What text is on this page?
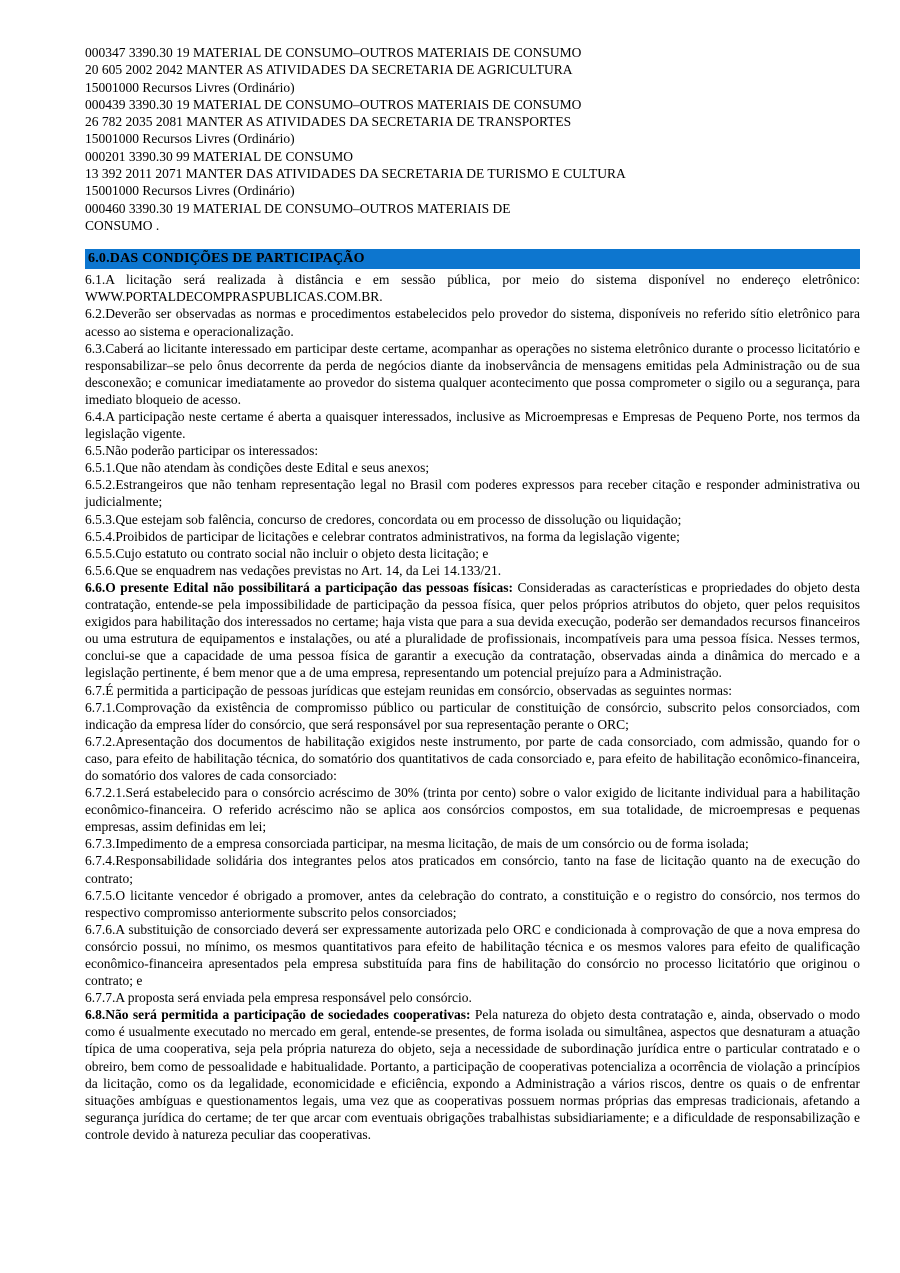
000347 3390.30 19 MATERIAL DE CONSUMO–OUTROS MATERIAIS DE CONSUMO
20 605 2002 2042 MANTER AS ATIVIDADES DA SECRETARIA DE AGRICULTURA
15001000 Recursos Livres (Ordinário)
000439 3390.30 19 MATERIAL DE CONSUMO–OUTROS MATERIAIS DE CONSUMO
26 782 2035 2081 MANTER AS ATIVIDADES DA SECRETARIA DE TRANSPORTES
15001000 Recursos Livres (Ordinário)
000201 3390.30 99 MATERIAL DE CONSUMO
13 392 2011 2071 MANTER DAS ATIVIDADES DA SECRETARIA DE TURISMO E CULTURA
15001000 Recursos Livres (Ordinário)
000460 3390.30 19 MATERIAL DE CONSUMO–OUTROS MATERIAIS DE
CONSUMO .
6.0.DAS CONDIÇÕES DE PARTICIPAÇÃO

6.1.A licitação será realizada à distância e em sessão pública, por meio do sistema disponível no endereço eletrônico: WWW.PORTALDECOMPRASPUBLICAS.COM.BR.

6.2.Deverão ser observadas as normas e procedimentos estabelecidos pelo provedor do sistema, disponíveis no referido sítio eletrônico para acesso ao sistema e operacionalização.

6.3.Caberá ao licitante interessado em participar deste certame, acompanhar as operações no sistema eletrônico durante o processo licitatório e responsabilizar–se pelo ônus decorrente da perda de negócios diante da inobservância de mensagens emitidas pela Administração ou de sua desconexão; e comunicar imediatamente ao provedor do sistema qualquer acontecimento que possa comprometer o sigilo ou a segurança, para imediato bloqueio de acesso.

6.4.A participação neste certame é aberta a quaisquer interessados, inclusive as Microempresas e Empresas de Pequeno Porte, nos termos da legislação vigente.

6.5.Não poderão participar os interessados:

6.5.1.Que não atendam às condições deste Edital e seus anexos;

6.5.2.Estrangeiros que não tenham representação legal no Brasil com poderes expressos para receber citação e responder administrativa ou judicialmente;

6.5.3.Que estejam sob falência, concurso de credores, concordata ou em processo de dissolução ou liquidação;

6.5.4.Proibidos de participar de licitações e celebrar contratos administrativos, na forma da legislação vigente;

6.5.5.Cujo estatuto ou contrato social não incluir o objeto desta licitação; e

6.5.6.Que se enquadrem nas vedações previstas no Art. 14, da Lei 14.133/21.

6.6.O presente Edital não possibilitará a participação das pessoas físicas: Consideradas as características e propriedades do objeto desta contratação, entende-se pela impossibilidade de participação da pessoa física, quer pelos próprios atributos do objeto, quer pelos requisitos exigidos para habilitação dos interessados no certame; haja vista que para a sua devida execução, poderão ser demandados recursos financeiros ou uma estrutura de equipamentos e instalações, ou até a pluralidade de profissionais, incompatíveis para uma pessoa física. Nesses termos, conclui-se que a capacidade de uma pessoa física de garantir a execução da contratação, observadas ainda a dinâmica do mercado e a legislação pertinente, é bem menor que a de uma empresa, representando um potencial prejuízo para a Administração.

6.7.É permitida a participação de pessoas jurídicas que estejam reunidas em consórcio, observadas as seguintes normas:

6.7.1.Comprovação da existência de compromisso público ou particular de constituição de consórcio, subscrito pelos consorciados, com indicação da empresa líder do consórcio, que será responsável por sua representação perante o ORC;

6.7.2.Apresentação dos documentos de habilitação exigidos neste instrumento, por parte de cada consorciado, com admissão, quando for o caso, para efeito de habilitação técnica, do somatório dos quantitativos de cada consorciado e, para efeito de habilitação econômico-financeira, do somatório dos valores de cada consorciado:

6.7.2.1.Será estabelecido para o consórcio acréscimo de 30% (trinta por cento) sobre o valor exigido de licitante individual para a habilitação econômico-financeira. O referido acréscimo não se aplica aos consórcios compostos, em sua totalidade, de microempresas e pequenas empresas, assim definidas em lei;

6.7.3.Impedimento de a empresa consorciada participar, na mesma licitação, de mais de um consórcio ou de forma isolada;

6.7.4.Responsabilidade solidária dos integrantes pelos atos praticados em consórcio, tanto na fase de licitação quanto na de execução do contrato;

6.7.5.O licitante vencedor é obrigado a promover, antes da celebração do contrato, a constituição e o registro do consórcio, nos termos do respectivo compromisso anteriormente subscrito pelos consorciados;

6.7.6.A substituição de consorciado deverá ser expressamente autorizada pelo ORC e condicionada à comprovação de que a nova empresa do consórcio possui, no mínimo, os mesmos quantitativos para efeito de habilitação técnica e os mesmos valores para efeito de qualificação econômico-financeira apresentados pela empresa substituída para fins de habilitação do consórcio no processo licitatório que originou o contrato; e

6.7.7.A proposta será enviada pela empresa responsável pelo consórcio.

6.8.Não será permitida a participação de sociedades cooperativas: Pela natureza do objeto desta contratação e, ainda, observado o modo como é usualmente executado no mercado em geral, entende-se presentes, de forma isolada ou simultânea, aspectos que desnaturam a atuação típica de uma cooperativa, seja pela própria natureza do objeto, seja a necessidade de subordinação jurídica entre o particular contratado e o obreiro, bem como de pessoalidade e habitualidade. Portanto, a participação de cooperativas potencializa a ocorrência de violação a princípios da licitação, como os da legalidade, economicidade e eficiência, expondo a Administração a vários riscos, dentre os quais o de enfrentar situações ambíguas e questionamentos legais, uma vez que as cooperativas possuem normas próprias das empresas tradicionais, afetando a segurança jurídica do certame; de ter que arcar com eventuais obrigações trabalhistas subsidiariamente; e a dificuldade de responsabilização e controle devido à natureza peculiar das cooperativas.
